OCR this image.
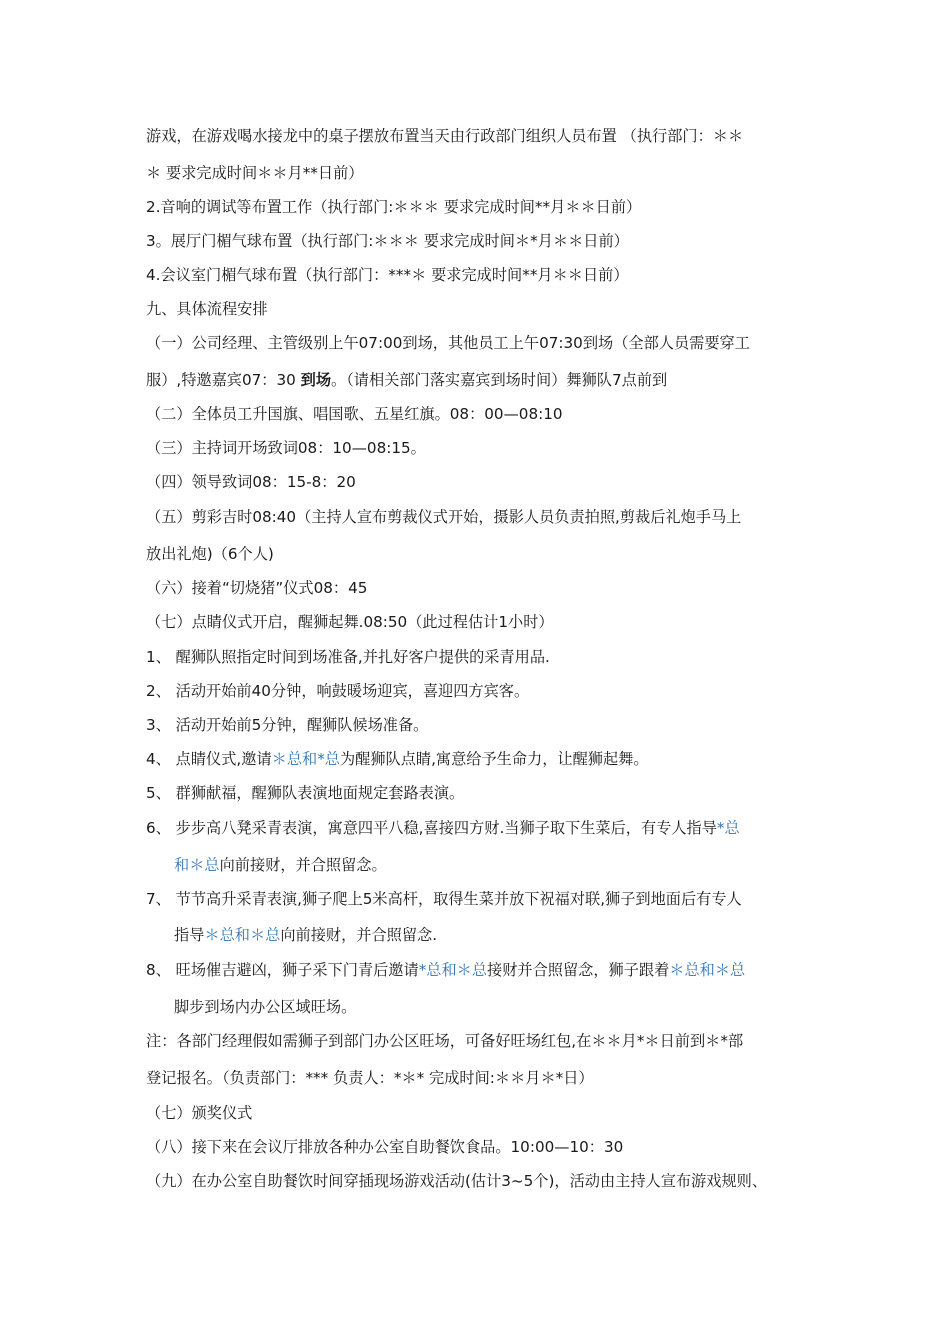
游戏，在游戏喝水接龙中的桌子摆放布置当天由行政部门组织人员布置 （执行部门：＊＊
＊ 要求完成时间＊＊月**日前）
2.音响的调试等布置工作（执行部门:＊＊＊ 要求完成时间**月＊＊日前）
3。展厅门楣气球布置（执行部门:＊＊＊ 要求完成时间＊*月＊＊日前）
4.会议室门楣气球布置（执行部门：***＊ 要求完成时间**月＊＊日前）
九、具体流程安排
（一）公司经理、主管级别上午07:00到场，其他员工上午07:30到场（全部人员需要穿工
服）,特邀嘉宾07：30 到场。（请相关部门落实嘉宾到场时间）舞狮队7点前到
（二）全体员工升国旗、唱国歌、五星红旗。08：00—08:10
（三）主持词开场致词08：10—08:15。
（四）领导致词08：15-8：20
（五）剪彩吉时08:40（主持人宣布剪裁仪式开始，摄影人员负责拍照,剪裁后礼炮手马上
放出礼炮)（6个人)
（六）接着“切烧猪”仪式08：45
（七）点睛仪式开启，醒狮起舞.08:50（此过程估计1小时）
1、 醒狮队照指定时间到场准备,并扎好客户提供的采青用品.
2、 活动开始前40分钟，响鼓暖场迎宾，喜迎四方宾客。
3、 活动开始前5分钟，醒狮队候场准备。
4、 点睛仪式,邀请＊总和*总为醒狮队点睛,寓意给予生命力，让醒狮起舞。
5、 群狮献福，醒狮队表演地面规定套路表演。
6、 步步高八凳采青表演，寓意四平八稳,喜接四方财.当狮子取下生菜后，有专人指导*总
和＊总向前接财，并合照留念。
7、 节节高升采青表演,狮子爬上5米高杆，取得生菜并放下祝福对联,狮子到地面后有专人
指导＊总和＊总向前接财，并合照留念.
8、 旺场催吉避凶，狮子采下门青后邀请*总和＊总接财并合照留念，狮子跟着＊总和＊总
脚步到场内办公区域旺场。
注：各部门经理假如需狮子到部门办公区旺场，可备好旺场红包,在＊＊月*＊日前到＊*部
登记报名。（负责部门：*** 负责人：*＊* 完成时间:＊＊月＊*日）
（七）颁奖仪式
（八）接下来在会议厅排放各种办公室自助餐饮食品。10:00—10：30
（九）在办公室自助餐饮时间穿插现场游戏活动(估计3~5个)，活动由主持人宣布游戏规则、
